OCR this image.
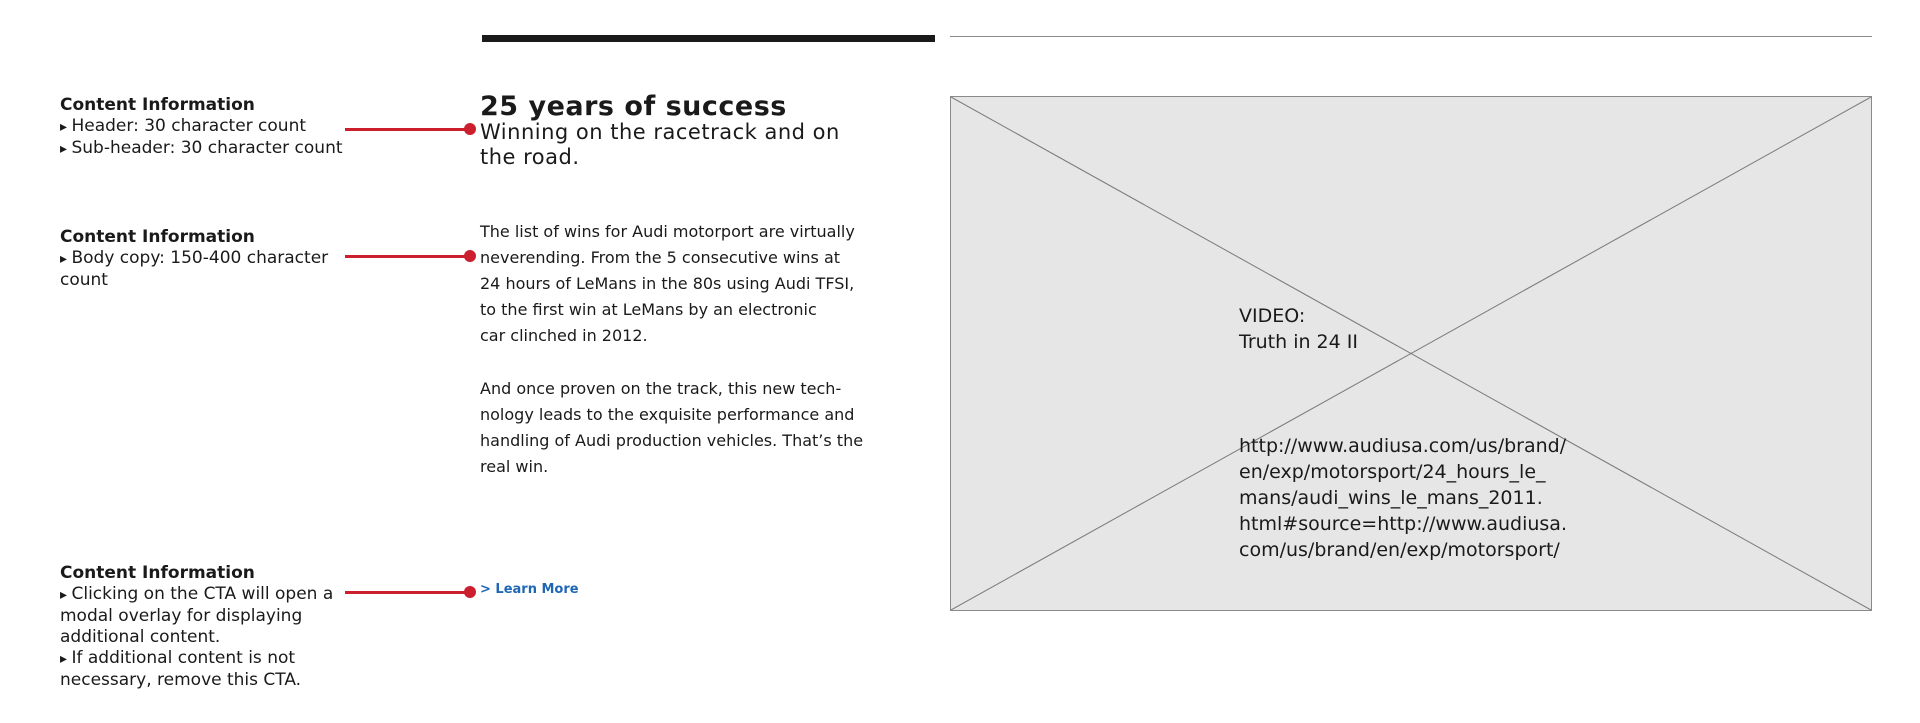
Content Information
▸ Header: 30 character count
▸ Sub-header: 30 character count
Content Information
▸ Body copy: 150-400 character count
Content Information
▸ Clicking on the CTA will open a modal overlay for displaying additional content.
▸ If additional content is not necessary, remove this CTA.
25 years of success
Winning on the racetrack and on the road.

The list of wins for Audi motorport are virtually
neverending. From the 5 consecutive wins at
24 hours of LeMans in the 80s using Audi TFSI,
to the first win at LeMans by an electronic
car clinched in 2012.

And once proven on the track, this new tech-
nology leads to the exquisite performance and
handling of Audi production vehicles. That’s the
real win.

> Learn More

VIDEO:
Truth in 24 II

http://www.audiusa.com/us/brand/
en/exp/motorsport/24_hours_le_
mans/audi_wins_le_mans_2011.
html#source=http://www.audiusa.
com/us/brand/en/exp/motorsport/
